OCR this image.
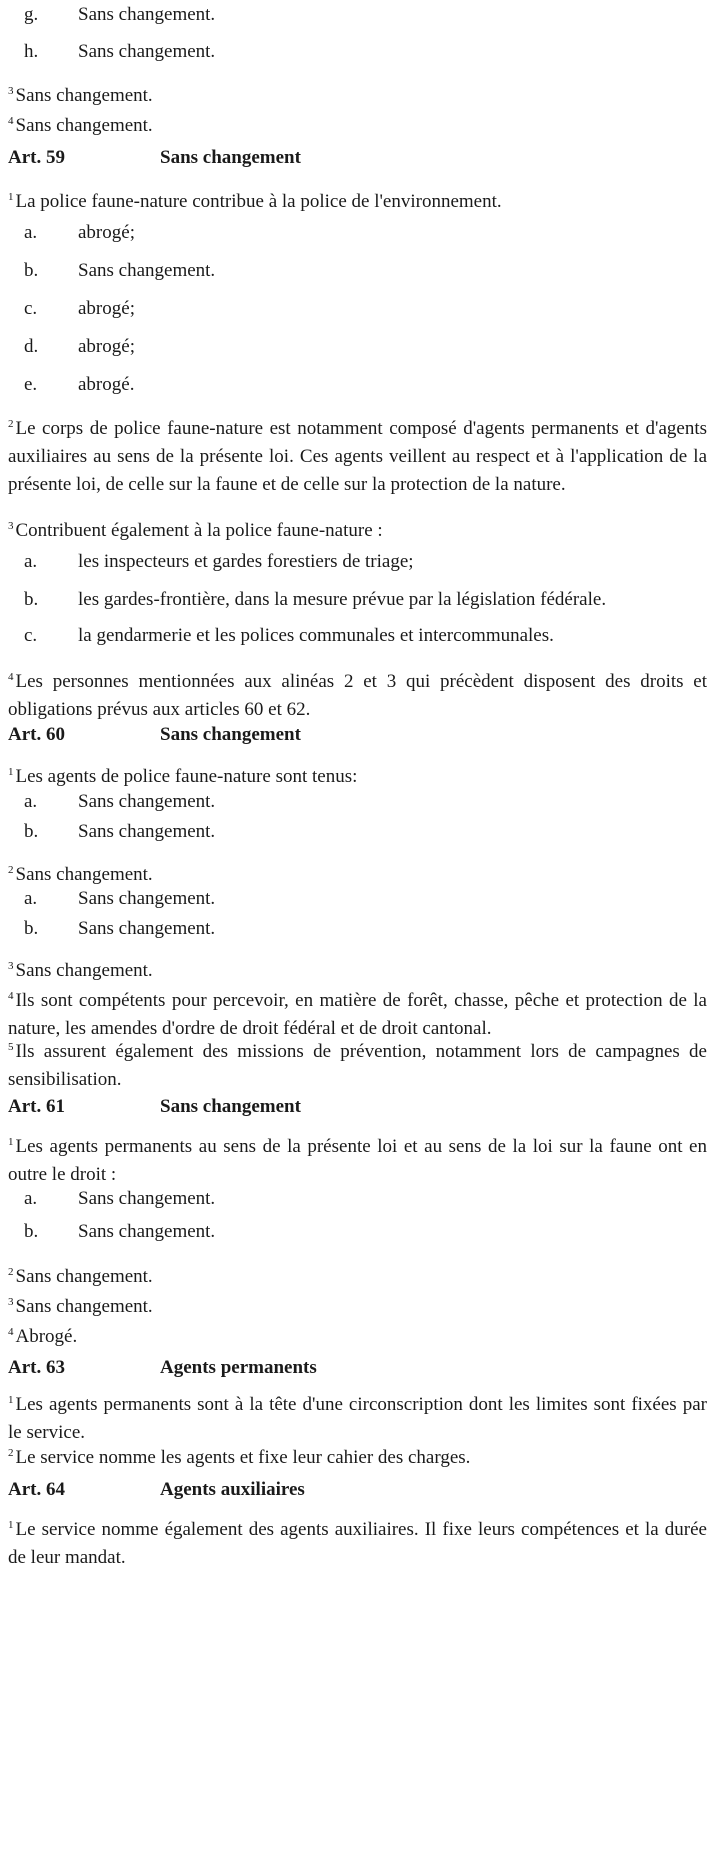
g. Sans changement.
h. Sans changement.
$^3$ Sans changement.
$^4$ Sans changement.
Art. 59	Sans changement
$^1$ La police faune-nature contribue à la police de l'environnement.
a. abrogé;
b. Sans changement.
c. abrogé;
d. abrogé;
e. abrogé.
$^2$ Le corps de police faune-nature est notamment composé d'agents permanents et d'agents auxiliaires au sens de la présente loi. Ces agents veillent au respect et à l'application de la présente loi, de celle sur la faune et de celle sur la protection de la nature.
$^3$ Contribuent également à la police faune-nature :
a. les inspecteurs et gardes forestiers de triage;
b. les gardes-frontière, dans la mesure prévue par la législation fédérale.
c. la gendarmerie et les polices communales et intercommunales.
$^4$ Les personnes mentionnées aux alinéas 2 et 3 qui précèdent disposent des droits et obligations prévus aux articles 60 et 62.
Art. 60	Sans changement
$^1$ Les agents de police faune-nature sont tenus:
a. Sans changement.
b. Sans changement.
$^2$ Sans changement.
a. Sans changement.
b. Sans changement.
$^3$ Sans changement.
$^4$ Ils sont compétents pour percevoir, en matière de forêt, chasse, pêche et protection de la nature, les amendes d'ordre de droit fédéral et de droit cantonal.
$^5$ Ils assurent également des missions de prévention, notamment lors de campagnes de sensibilisation.
Art. 61	Sans changement
$^1$ Les agents permanents au sens de la présente loi et au sens de la loi sur la faune ont en outre le droit :
a. Sans changement.
b. Sans changement.
$^2$ Sans changement.
$^3$ Sans changement.
$^4$ Abrogé.
Art. 63	Agents permanents
$^1$ Les agents permanents sont à la tête d'une circonscription dont les limites sont fixées par le service.
$^2$ Le service nomme les agents et fixe leur cahier des charges.
Art. 64	Agents auxiliaires
$^1$ Le service nomme également des agents auxiliaires. Il fixe leurs compétences et la durée de leur mandat.
